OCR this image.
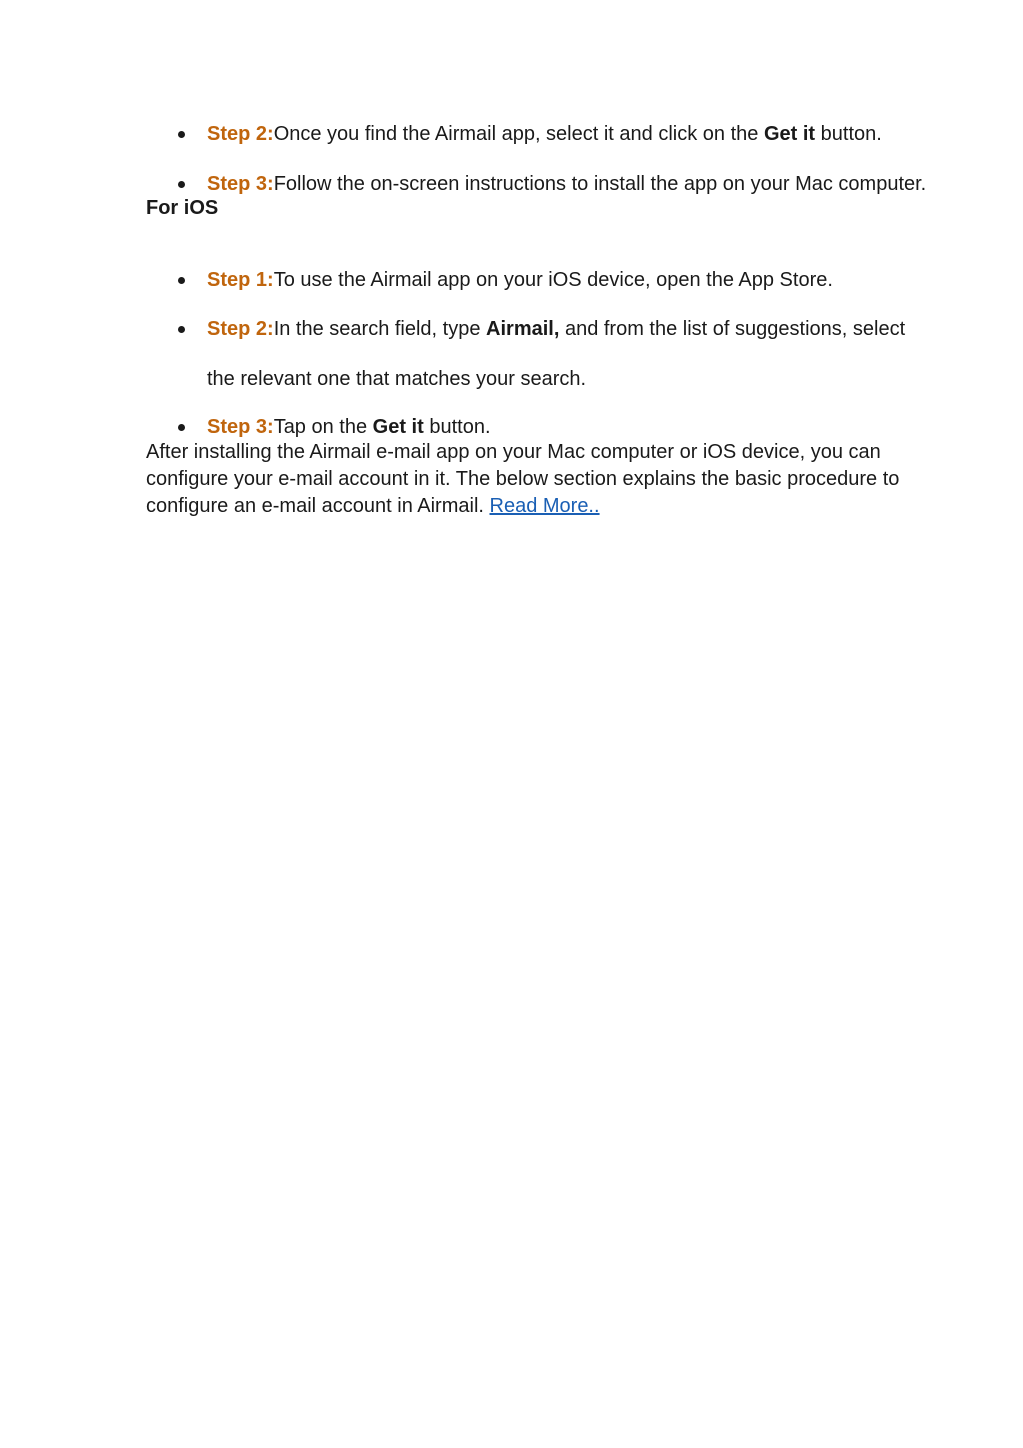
Step 2:Once you find the Airmail app, select it and click on the Get it button.
Step 3:Follow the on-screen instructions to install the app on your Mac computer.
For iOS
Step 1:To use the Airmail app on your iOS device, open the App Store.
Step 2:In the search field, type Airmail, and from the list of suggestions, select
the relevant one that matches your search.
Step 3:Tap on the Get it button.
After installing the Airmail e-mail app on your Mac computer or iOS device, you can
configure your e-mail account in it. The below section explains the basic procedure to
configure an e-mail account in Airmail. Read More..
